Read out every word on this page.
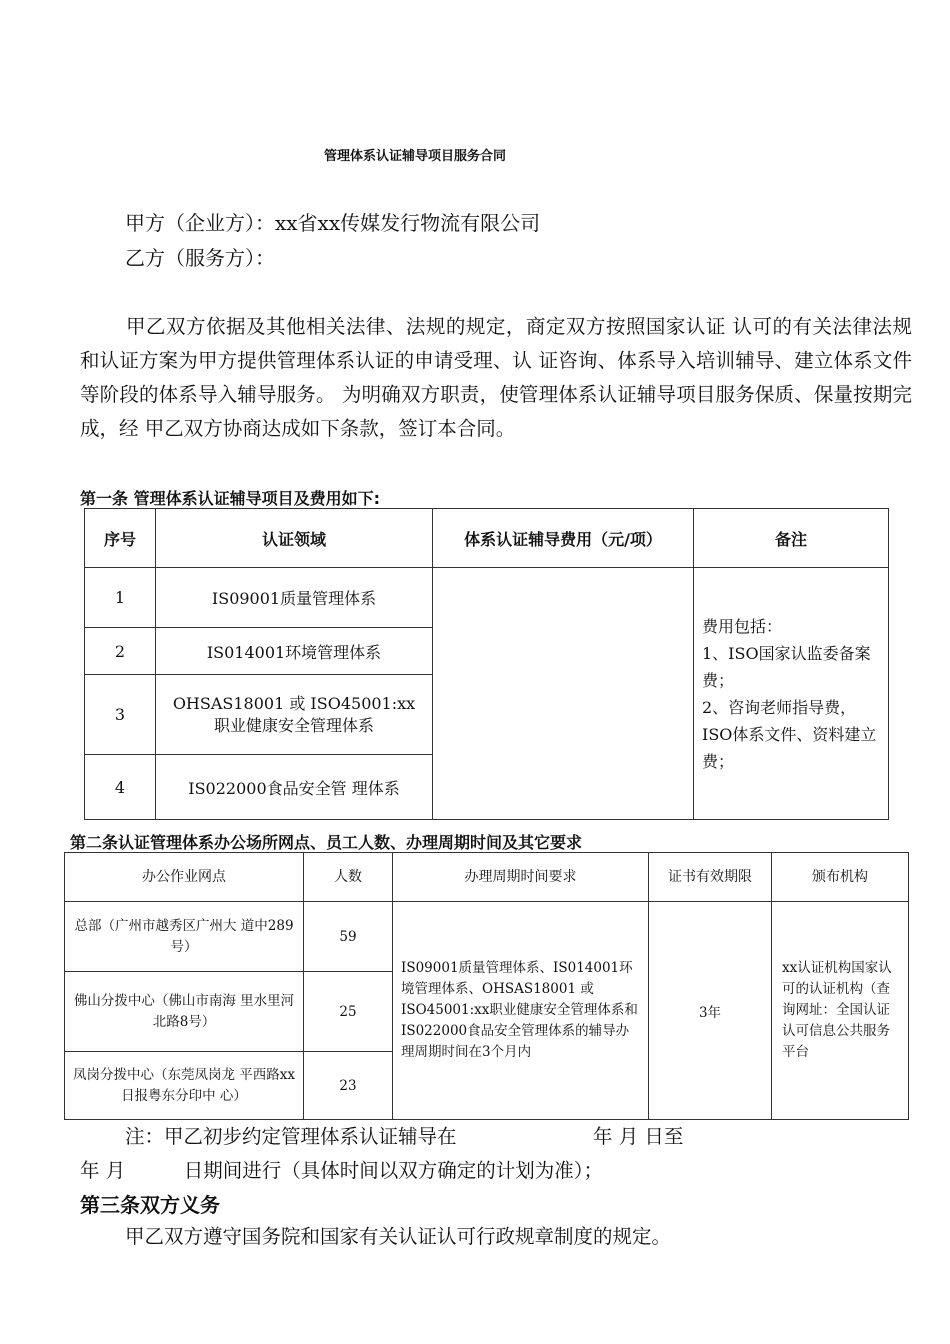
管理体系认证辅导项目服务合同
甲方（企业方）：xx省xx传媒发行物流有限公司
乙方（服务方）：
甲乙双方依据及其他相关法律、法规的规定，商定双方按照国家认证 认可的有关法律法规和认证方案为甲方提供管理体系认证的申请受理、认 证咨询、体系导入培训辅导、建立体系文件等阶段的体系导入辅导服务。 为明确双方职责，使管理体系认证辅导项目服务保质、保量按期完成，经 甲乙双方协商达成如下条款，签订本合同。
第一条 管理体系认证辅导项目及费用如下:
序号	认证领域	体系认证辅导费用（元/项）	备注
1	IS09001质量管理体系		费用包括：
1、ISO国家认监委备案费；
2、咨询老师指导费，ISO体系文件、资料建立费；

2	IS014001环境管理体系		
3	OHSAS18001 或 ISO45001:xx
职业健康安全管理体系		

4	IS022000食品安全管 理体系		
第二条认证管理体系办公场所网点、员工人数、办理周期时间及其它要求
办公作业网点	人数	办理周期时间要求	证书有效期限	颁布机构
总部（广州市越秀区广州大 道中289号）	59	IS09001质量管理体系、IS014001环境管理体系、OHSAS18001 或 ISO45001:xx职业健康安全管理体系和IS022000食品安全管理体系的辅导办理周期时间在3个月内	3年	xx认证机构国家认可的认证机构（查询网址：全国认证认可信息公共服务平台
佛山分拨中心（佛山市南海 里水里河北路8号）	25			
凤岗分拨中心（东莞凤岗龙 平西路xx日报粤东分印中 心）	23			
注：甲乙初步约定管理体系认证辅导在　　　　　　　年 月 日至
年 月　　　日期间进行（具体时间以双方确定的计划为准）；
第三条双方义务
甲乙双方遵守国务院和国家有关认证认可行政规章制度的规定。
